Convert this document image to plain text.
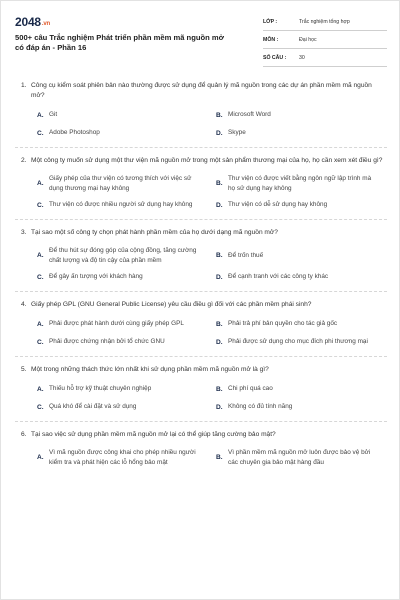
2048.vn
500+ câu Trắc nghiệm Phát triển phần mềm mã nguồn mở có đáp án - Phần 16
LỚP :	Trắc nghiệm tổng hợp
MÔN :	Đại học
SỐ CÂU : 30
1. Công cụ kiểm soát phiên bản nào thường được sử dụng để quản lý mã nguồn trong các dự án phần mềm mã nguồn mở?
A. Git	B. Microsoft Word
C. Adobe Photoshop	D. Skype
2. Một công ty muốn sử dụng một thư viện mã nguồn mở trong một sản phẩm thương mại của họ, họ cần xem xét điều gì?
A.
Giấy phép của thư viện có tương thích với việc sử dụng thương mại hay không
B.
Thư viện có được viết bằng ngôn ngữ lập trình mà họ sử dụng hay không
C. Thư viện có được nhiều người sử dụng hay không	D. Thư viện có dễ sử dụng hay không
3. Tại sao một số công ty chọn phát hành phần mềm của họ dưới dạng mã nguồn mở?
A.
Để thu hút sự đóng góp của cộng đồng, tăng cường chất lượng và độ tin cậy của phần mềm
B. Để trốn thuế
C. Để gây ấn tượng với khách hàng	D. Để cạnh tranh với các công ty khác
4. Giấy phép GPL (GNU General Public License) yêu cầu điều gì đối với các phần mềm phái sinh?
A. Phải được phát hành dưới cùng giấy phép GPL	B. Phải trả phí bản quyền cho tác giả gốc
C. Phải được chứng nhận bởi tổ chức GNU	D. Phải được sử dụng cho mục đích phi thương mại
5. Một trong những thách thức lớn nhất khi sử dụng phần mềm mã nguồn mở là gì?
A. Thiếu hỗ trợ kỹ thuật chuyên nghiệp	B. Chi phí quá cao
C. Quá khó để cài đặt và sử dụng	D. Không có đủ tính năng
6. Tại sao việc sử dụng phần mềm mã nguồn mở lại có thể giúp tăng cường bảo mật?
A.
Vì mã nguồn được công khai cho phép nhiều người kiểm tra và phát hiện các lỗ hổng bảo mật
B.
Vì phần mềm mã nguồn mở luôn được bảo vệ bởi các chuyên gia bảo mật hàng đầu
